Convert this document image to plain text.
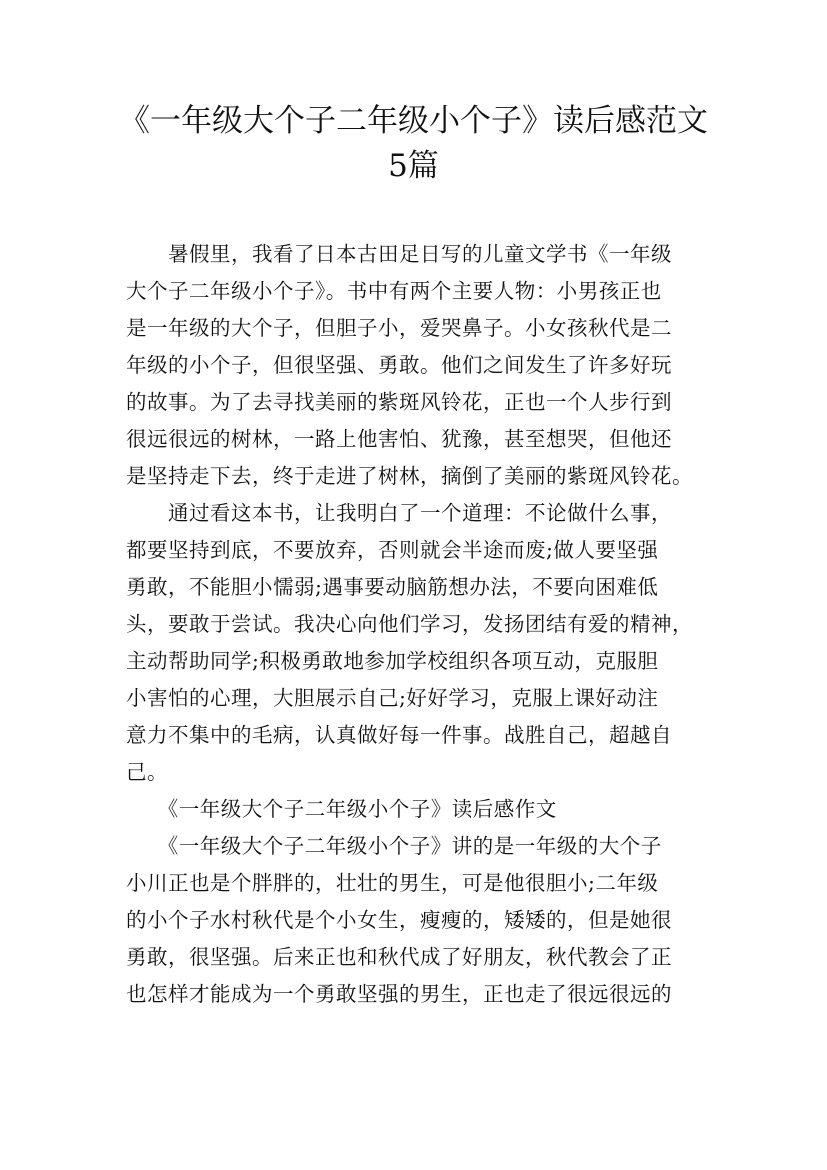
《一年级大个子二年级小个子》读后感范文
5篇
　　暑假里，我看了日本古田足日写的儿童文学书《一年级
大个子二年级小个子》。书中有两个主要人物：小男孩正也
是一年级的大个子，但胆子小，爱哭鼻子。小女孩秋代是二
年级的小个子，但很坚强、勇敢。他们之间发生了许多好玩
的故事。为了去寻找美丽的紫斑风铃花，正也一个人步行到
很远很远的树林，一路上他害怕、犹豫，甚至想哭，但他还
是坚持走下去，终于走进了树林，摘倒了美丽的紫斑风铃花。
　　通过看这本书，让我明白了一个道理：不论做什么事，
都要坚持到底，不要放弃，否则就会半途而废;做人要坚强
勇敢，不能胆小懦弱;遇事要动脑筋想办法，不要向困难低
头，要敢于尝试。我决心向他们学习，发扬团结有爱的精神，
主动帮助同学;积极勇敢地参加学校组织各项互动，克服胆
小害怕的心理，大胆展示自己;好好学习，克服上课好动注
意力不集中的毛病，认真做好每一件事。战胜自己，超越自
己。
　　《一年级大个子二年级小个子》读后感作文
　　《一年级大个子二年级小个子》讲的是一年级的大个子
小川正也是个胖胖的，壮壮的男生，可是他很胆小;二年级
的小个子水村秋代是个小女生，瘦瘦的，矮矮的，但是她很
勇敢，很坚强。后来正也和秋代成了好朋友，秋代教会了正
也怎样才能成为一个勇敢坚强的男生，正也走了很远很远的
